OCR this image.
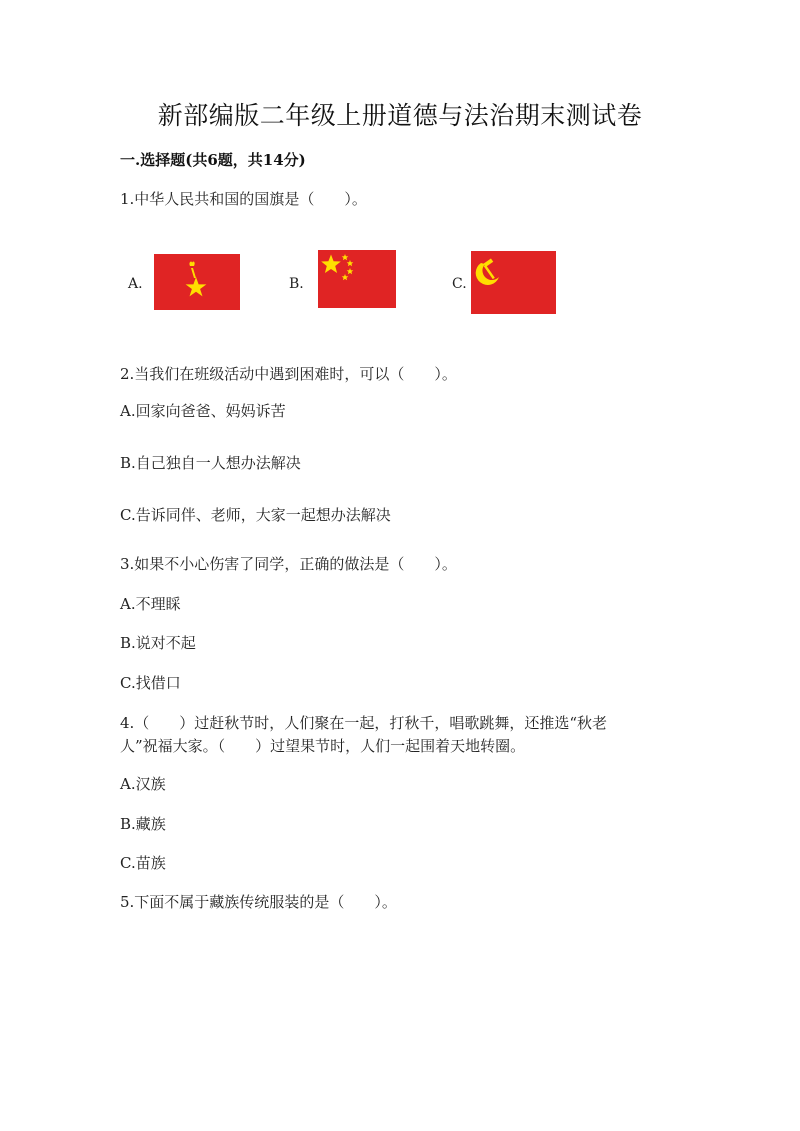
新部编版二年级上册道德与法治期末测试卷
一.选择题(共6题，共14分)
1.中华人民共和国的国旗是（　　）。
A.	B.	C.
2.当我们在班级活动中遇到困难时，可以（　　）。
A.回家向爸爸、妈妈诉苦
B.自己独自一人想办法解决
C.告诉同伴、老师，大家一起想办法解决
3.如果不小心伤害了同学，正确的做法是（　　）。
A.不理睬
B.说对不起
C.找借口
4.（　　）过赶秋节时，人们聚在一起，打秋千，唱歌跳舞，还推选“秋老
人”祝福大家。（　　）过望果节时，人们一起围着天地转圈。
A.汉族
B.藏族
C.苗族
5.下面不属于藏族传统服装的是（　　）。
